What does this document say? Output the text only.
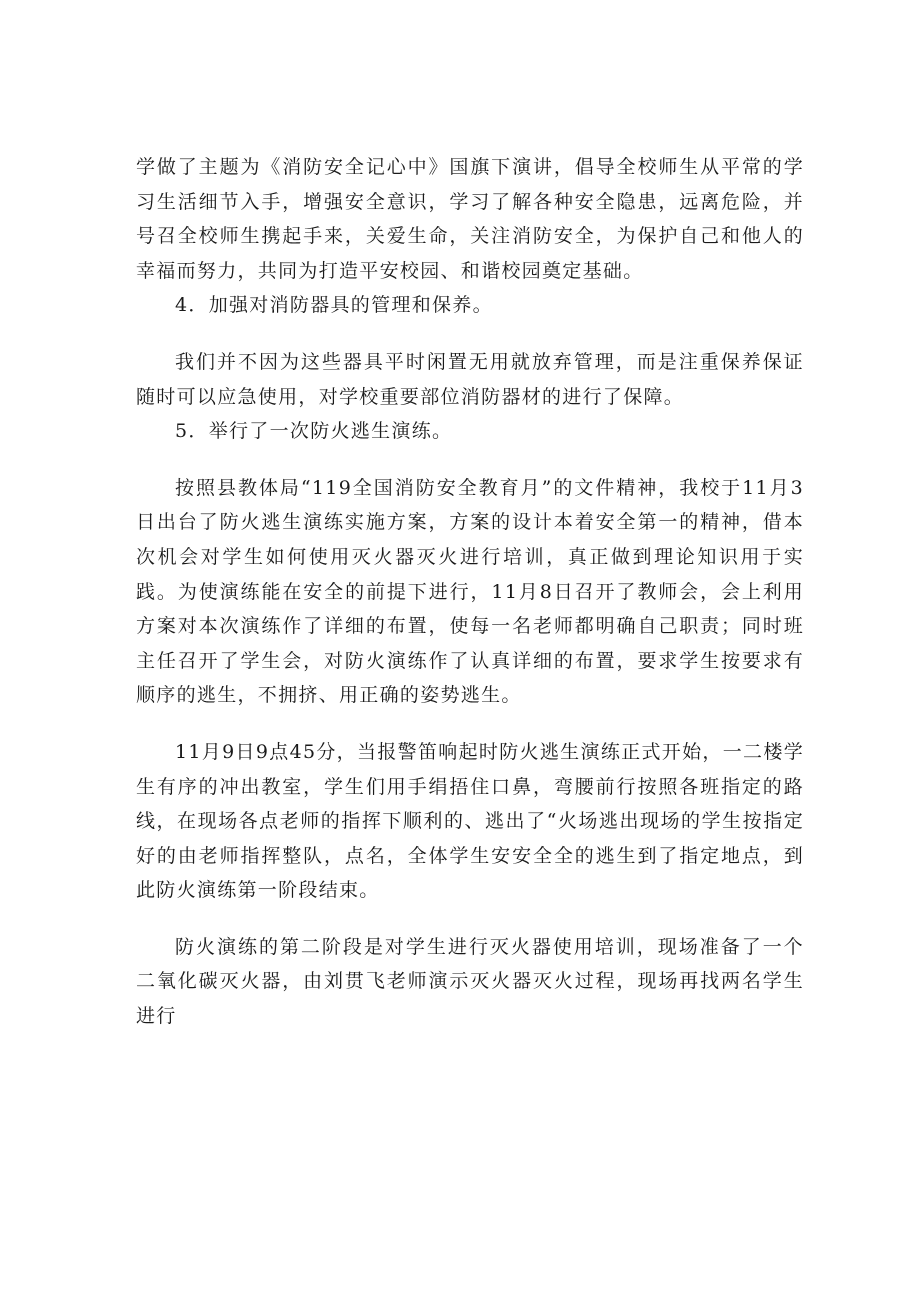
学做了主题为《消防安全记心中》国旗下演讲，倡导全校师生从平常的学习生活细节入手，增强安全意识，学习了解各种安全隐患，远离危险，并号召全校师生携起手来，关爱生命，关注消防安全，为保护自己和他人的幸福而努力，共同为打造平安校园、和谐校园奠定基础。

4．加强对消防器具的管理和保养。

我们并不因为这些器具平时闲置无用就放弃管理，而是注重保养保证随时可以应急使用，对学校重要部位消防器材的进行了保障。

5．举行了一次防火逃生演练。

按照县教体局“119全国消防安全教育月”的文件精神，我校于11月3日出台了防火逃生演练实施方案，方案的设计本着安全第一的精神，借本次机会对学生如何使用灭火器灭火进行培训，真正做到理论知识用于实践。为使演练能在安全的前提下进行，11月8日召开了教师会，会上利用方案对本次演练作了详细的布置，使每一名老师都明确自己职责；同时班主任召开了学生会，对防火演练作了认真详细的布置，要求学生按要求有顺序的逃生，不拥挤、用正确的姿势逃生。

11月9日9点45分，当报警笛响起时防火逃生演练正式开始，一二楼学生有序的冲出教室，学生们用手绢捂住口鼻，弯腰前行按照各班指定的路线，在现场各点老师的指挥下顺利的、逃出了“火场逃出现场的学生按指定好的由老师指挥整队，点名，全体学生安安全全的逃生到了指定地点，到此防火演练第一阶段结束。

防火演练的第二阶段是对学生进行灭火器使用培训，现场准备了一个二氧化碳灭火器，由刘贯飞老师演示灭火器灭火过程，现场再找两名学生进行
